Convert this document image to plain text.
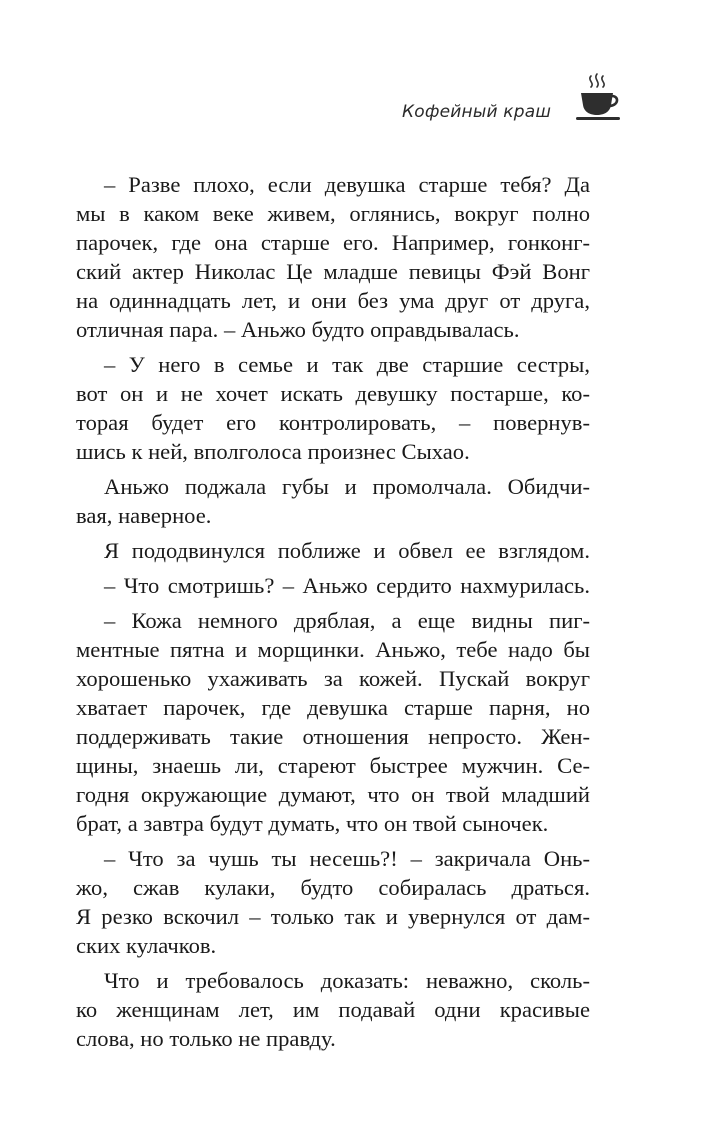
Кофейный краш
– Разве плохо, если девушка старше тебя? Да
мы в каком веке живем, оглянись, вокруг полно
парочек, где она старше его. Например, гонконг-
ский актер Николас Це младше певицы Фэй Вонг
на одиннадцать лет, и они без ума друг от друга,
отличная пара. – Аньжо будто оправдывалась.
– У него в семье и так две старшие сестры,
вот он и не хочет искать девушку постарше, ко-
торая будет его контролировать, – повернув-
шись к ней, вполголоса произнес Сыхао.
Аньжо поджала губы и промолчала. Обидчи-
вая, наверное.
Я пододвинулся поближе и обвел ее взглядом.
– Что смотришь? – Аньжо сердито нахмурилась.
– Кожа немного дряблая, а еще видны пиг-
ментные пятна и морщинки. Аньжо, тебе надо бы
хорошенько ухаживать за кожей. Пускай вокруг
хватает парочек, где девушка старше парня, но
поддерживать такие отношения непросто. Жен-
щины, знаешь ли, стареют быстрее мужчин. Се-
годня окружающие думают, что он твой младший
брат, а завтра будут думать, что он твой сыночек.
– Что за чушь ты несешь?! – закричала Онь-
жо, сжав кулаки, будто собиралась драться.
Я резко вскочил – только так и увернулся от дам-
ских кулачков.
Что и требовалось доказать: неважно, сколь-
ко женщинам лет, им подавай одни красивые
слова, но только не правду.
